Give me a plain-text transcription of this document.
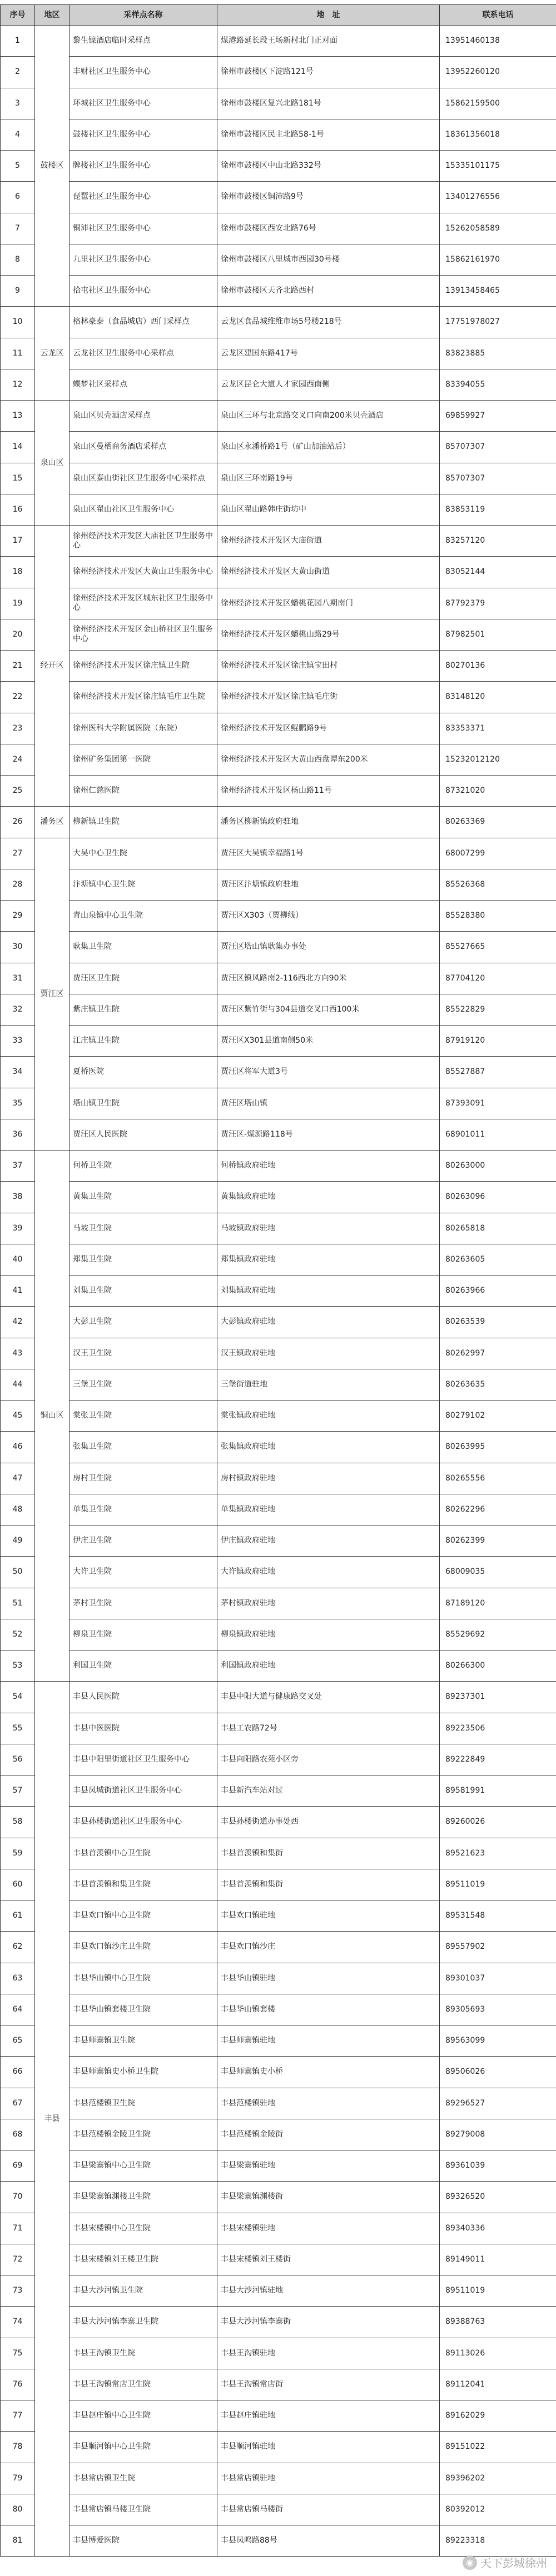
序号	地区	采样点名称	地　址	联系电话
1	鼓楼区	黎生镍酒店临时采样点	煤港路延长段王场新村北门正对面	13951460138
2		丰财社区卫生服务中心	徐州市鼓楼区下淀路121号	13952260120
3		环城社区卫生服务中心	徐州市鼓楼区复兴北路181号	15862159500
4		鼓楼社区卫生服务中心	徐州市鼓楼区民主北路58-1号	18361356018
5		牌楼社区卫生服务中心	徐州市鼓楼区中山北路332号	15335101175
6		琵琶社区卫生服务中心	徐州市鼓楼区铜沛路9号	13401276556
7		铜沛社区卫生服务中心	徐州市鼓楼区西安北路76号	15262058589
8		九里社区卫生服务中心	徐州市鼓楼区八里城市西园30号楼	15862161970
9		拾屯社区卫生服务中心	徐州市鼓楼区天齐北路西村	13913458465
10	云龙区	格林豪泰（食品城店）西门采样点	云龙区食品城维维市场5号楼218号	17751978027
11		云龙社区卫生服务中心采样点	云龙区建国东路417号	83823885
12		蝶梦社区采样点	云龙区昆仑大道人才家园西南侧	83394055
13	泉山区	泉山区贝壳酒店采样点	泉山区三环与北京路交叉口向南200米贝壳酒店	69859927
14		泉山区曼栖商务酒店采样点	泉山区永潘桥路1号（矿山加油站后）	85707307
15		泉山区泰山街社区卫生服务中心采样点	泉山区三环南路19号	85707307
16		泉山区翟山社区卫生服务中心	泉山区翟山路韩庄街坊中	83853119
17	经开区	徐州经济技术开发区大庙社区卫生服务中心	徐州经济技术开发区大庙街道	83257120
18		徐州经济技术开发区大黄山卫生服务中心	徐州经济技术开发区大黄山街道	83052144
19		徐州经济技术开发区城东社区卫生服务中心	徐州经济技术开发区蟠桃花园八期南门	87792379
20		徐州经济技术开发区金山桥社区卫生服务中心	徐州经济技术开发区蟠桃山路29号	87982501
21		徐州经济技术开发区徐庄镇卫生院	徐州经济技术开发区徐庄镇宝田村	80270136
22		徐州经济技术开发区徐庄镇毛庄卫生院	徐州经济技术开发区徐庄镇毛庄街	83148120
23		徐州医科大学附属医院（东院）	徐州经济技术开发区鲲鹏路9号	83353371
24		徐州矿务集团第一医院	徐州经济技术开发区大黄山西盘谭东200米	15232012120
25		徐州仁慈医院	徐州经济技术开发区杨山路11号	87321020
26	潘务区	柳新镇卫生院	潘务区柳新镇政府驻地	80263369
27	贾汪区	大吴中心卫生院	贾汪区大吴镇幸福路1号	68007299
28		汴塘镇中心卫生院	贾汪区汴塘镇政府驻地	85526368
29		青山泉镇中心卫生院	贾汪区X303（贾柳线）	85528380
30		耿集卫生院	贾汪区塔山镇耿集办事处	85527665
31		贾汪区卫生院	贾汪区镇风路南2-116西北方向90米	87704120
32		紫庄镇卫生院	贾汪区紫竹街与304县道交叉口西100米	85522829
33		江庄镇卫生院	贾汪区X301县道南侧50米	87919120
34		夏桥医院	贾汪区将军大道3号	85527887
35		塔山镇卫生院	贾汪区塔山镇	87393091
36		贾汪区人民医院	贾汪区-煤源路118号	68901011
37	铜山区	何桥卫生院	何桥镇政府驻地	80263000
38		黄集卫生院	黄集镇政府驻地	80263096
39		马坡卫生院	马坡镇政府驻地	80265818
40		郑集卫生院	郑集镇政府驻地	80263605
41		刘集卫生院	刘集镇政府驻地	80263966
42		大彭卫生院	大彭镇政府驻地	80263539
43		汉王卫生院	汉王镇政府驻地	80262997
44		三堡卫生院	三堡街道驻地	80263635
45		棠张卫生院	棠张镇政府驻地	80279102
46		张集卫生院	张集镇政府驻地	80263995
47		房村卫生院	房村镇政府驻地	80265556
48		单集卫生院	单集镇政府驻地	80262296
49		伊庄卫生院	伊庄镇政府驻地	80262399
50		大许卫生院	大许镇政府驻地	68009035
51		茅村卫生院	茅村镇政府驻地	87189120
52		柳泉卫生院	柳泉镇政府驻地	85529692
53		利国卫生院	利国镇政府驻地	80266300
54	丰县	丰县人民医院	丰县中阳大道与健康路交叉处	89237301
55		丰县中医医院	丰县工农路72号	89223506
56		丰县中阳里街道社区卫生服务中心	丰县向阳路农苑小区旁	89222849
57		丰县凤城街道社区卫生服务中心	丰县新汽车站对过	89581991
58		丰县孙楼街道社区卫生服务中心	丰县孙楼街道办事处西	89260026
59		丰县首羡镇中心卫生院	丰县首羡镇和集街	89521623
60		丰县首羡镇和集卫生院	丰县首羡镇和集街	89511019
61		丰县欢口镇中心卫生院	丰县欢口镇驻地	89531548
62		丰县欢口镇沙庄卫生院	丰县欢口镇沙庄	89557902
63		丰县华山镇中心卫生院	丰县华山镇驻地	89301037
64		丰县华山镇套楼卫生院	丰县华山镇套楼	89305693
65		丰县师寨镇卫生院	丰县师寨镇驻地	89563099
66		丰县师寨镇史小桥卫生院	丰县师寨镇史小桥	89506026
67		丰县范楼镇卫生院	丰县范楼镇驻地	89296527
68		丰县范楼镇金陵卫生院	丰县范楼镇金陵街	89279008
69		丰县梁寨镇中心卫生院	丰县梁寨镇驻地	89361039
70		丰县梁寨镇渊楼卫生院	丰县梁寨镇渊楼街	89326520
71		丰县宋楼镇中心卫生院	丰县宋楼镇驻地	89340336
72		丰县宋楼镇刘王楼卫生院	丰县宋楼镇刘王楼街	89149011
73		丰县大沙河镇卫生院	丰县大沙河镇驻地	89511019
74		丰县大沙河镇李寨卫生院	丰县大沙河镇李寨街	89388763
75		丰县王沟镇卫生院	丰县王沟镇驻地	89113026
76		丰县王沟镇常店卫生院	丰县王沟镇常店街	89112041
77		丰县赵庄镇中心卫生院	丰县赵庄镇驻地	89162029
78		丰县顺河镇中心卫生院	丰县顺河镇驻地	89151022
79		丰县常店镇卫生院	丰县常店镇驻地	89396202
80		丰县常店镇马楼卫生院	丰县常店镇马楼街	80392012
81		丰县博爱医院	丰县凤鸣路88号	89223318
◉ 天下彭城徐州
